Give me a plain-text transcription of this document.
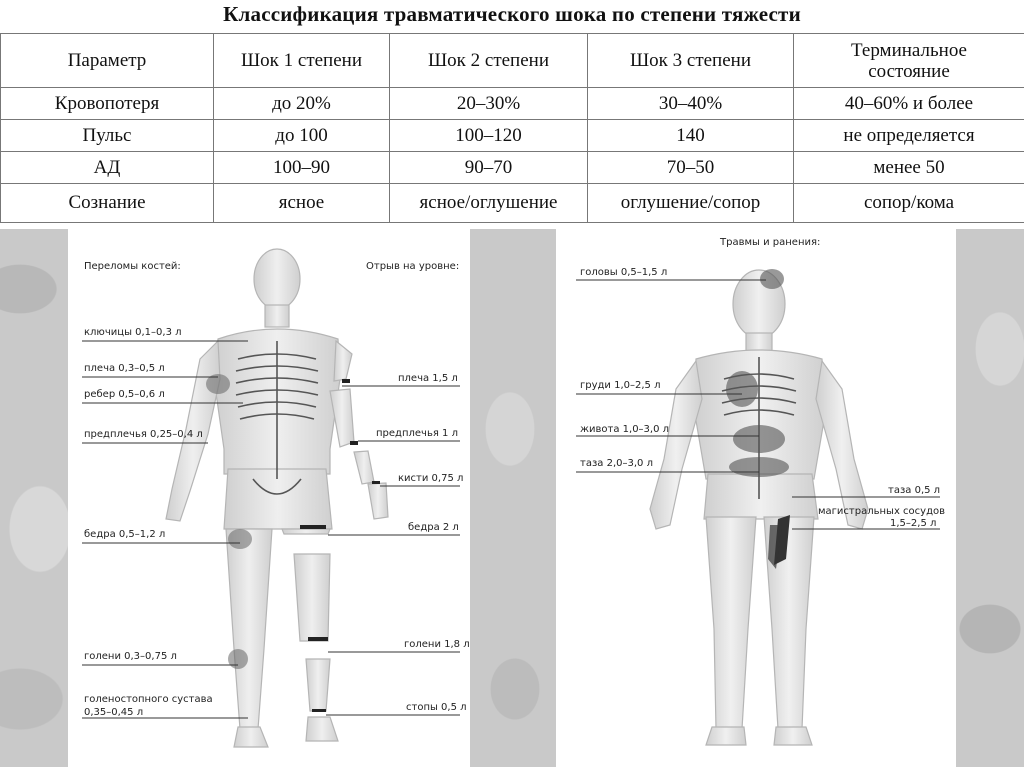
Классификация травматического шока по степени тяжести
Параметр	Шок 1 степени	Шок 2 степени	Шок 3 степени	Терминальное состояние
Кровопотеря	до 20%	20–30%	30–40%	40–60% и более
Пульс	до 100	100–120	140	не определяется
АД	100–90	90–70	70–50	менее 50
Сознание	ясное	ясное/оглушение	оглушение/сопор	сопор/кома
Переломы костей:	Отрыв на уровне:
ключицы 0,1–0,3 л
плеча 0,3–0,5 л
ребер 0,5–0,6 л
предплечья 0,25–0,4 л
бедра 0,5–1,2 л
голени 0,3–0,75 л
голеностопного сустава
0,35–0,45 л
плеча 1,5 л
предплечья 1 л
кисти 0,75 л
бедра 2 л
голени 1,8 л
стопы 0,5 л
Травмы и ранения:
головы 0,5–1,5 л
груди 1,0–2,5 л
живота 1,0–3,0 л
таза 2,0–3,0 л
таза 0,5 л
магистральных сосудов
1,5–2,5 л
